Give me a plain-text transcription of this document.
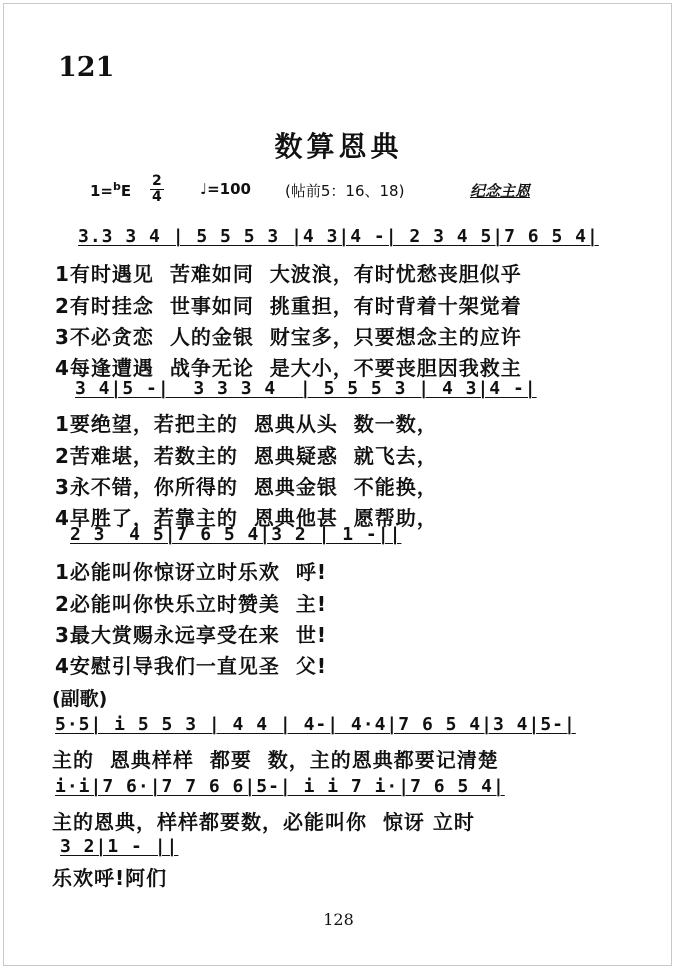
121
数算恩典
1=$^b$E
2
4	♩=100 (帖前5：16、18)	纪念主恩
3.3 3 4 | 5 5 5 3 |4 3|4 -| 2 3 4 5|7 6 5 4|
1有时遇见  苦难如同  大波浪，有时忧愁丧胆似乎
2有时挂念  世事如同  挑重担，有时背着十架觉着
3不必贪恋  人的金银  财宝多，只要想念主的应许
4每逢遭遇  战争无论  是大小，不要丧胆因我救主
3 4|5 -|  3 3 3 4  | 5 5 5 3 | 4 3|4 -|
1要绝望，若把主的  恩典从头  数一数，
2苦难堪，若数主的  恩典疑惑  就飞去，
3永不错，你所得的  恩典金银  不能换，
4早胜了，若靠主的  恩典他甚  愿帮助，
2 3  4 5|7 6 5 4|3 2 | 1 -||
1必能叫你惊讶立时乐欢  呼!
2必能叫你快乐立时赞美  主!
3最大赏赐永远享受在来  世!
4安慰引导我们一直见圣  父!
(副歌)
5·5| i 5 5 3 | 4 4 | 4-| 4·4|7 6 5 4|3 4|5-|
主的  恩典样样  都要  数，主的恩典都要记清楚
i·i|7 6·|7 7 6 6|5-| i i 7 i·|7 6 5 4|
主的恩典，样样都要数，必能叫你  惊讶 立时
3 2|1 - ||
乐欢呼!阿们
128
